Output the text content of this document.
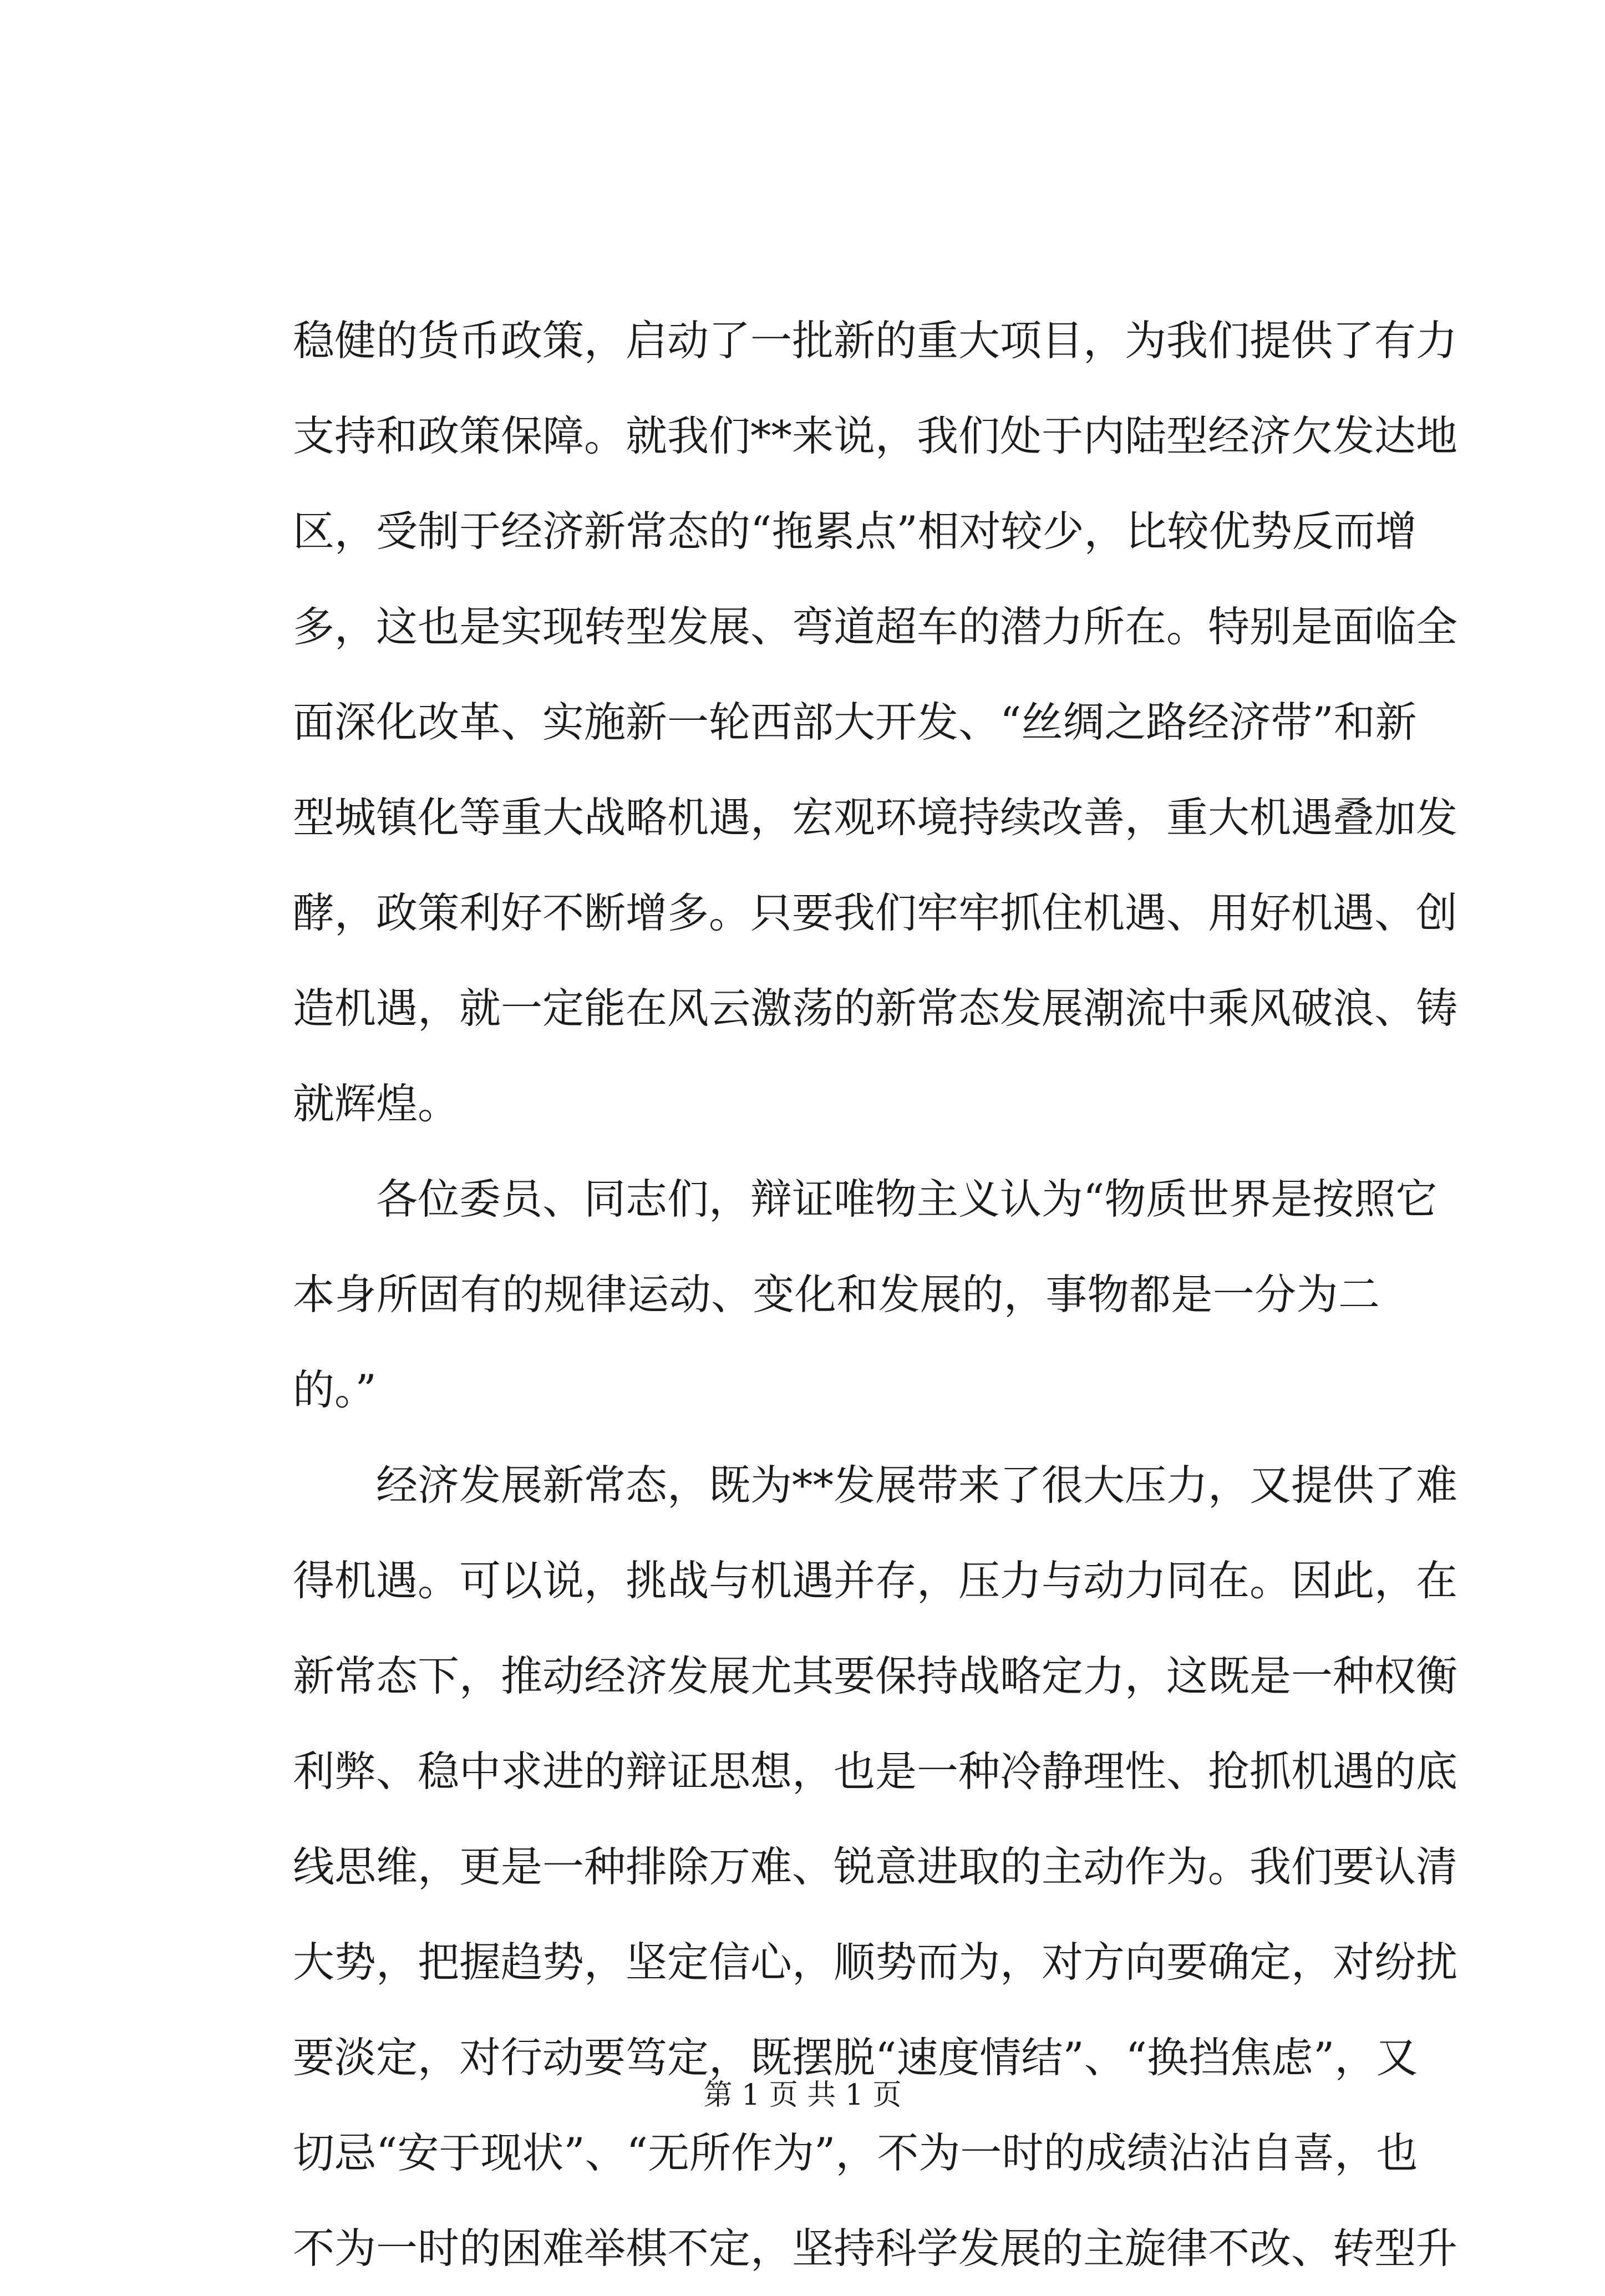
稳健的货币政策，启动了一批新的重大项目，为我们提供了有力
支持和政策保障。就我们**来说，我们处于内陆型经济欠发达地
区，受制于经济新常态的“拖累点”相对较少，比较优势反而增
多，这也是实现转型发展、弯道超车的潜力所在。特别是面临全
面深化改革、实施新一轮西部大开发、“丝绸之路经济带”和新
型城镇化等重大战略机遇，宏观环境持续改善，重大机遇叠加发
酵，政策利好不断增多。只要我们牢牢抓住机遇、用好机遇、创
造机遇，就一定能在风云激荡的新常态发展潮流中乘风破浪、铸
就辉煌。
各位委员、同志们，辩证唯物主义认为“物质世界是按照它
本身所固有的规律运动、变化和发展的，事物都是一分为二
的。”
经济发展新常态，既为**发展带来了很大压力，又提供了难
得机遇。可以说，挑战与机遇并存，压力与动力同在。因此，在
新常态下，推动经济发展尤其要保持战略定力，这既是一种权衡
利弊、稳中求进的辩证思想，也是一种冷静理性、抢抓机遇的底
线思维，更是一种排除万难、锐意进取的主动作为。我们要认清
大势，把握趋势，坚定信心，顺势而为，对方向要确定，对纷扰
要淡定，对行动要笃定，既摆脱“速度情结”、“换挡焦虑”，又
切忌“安于现状”、“无所作为”，不为一时的成绩沾沾自喜，也
不为一时的困难举棋不定，坚持科学发展的主旋律不改、转型升
第 1 页 共 1 页
